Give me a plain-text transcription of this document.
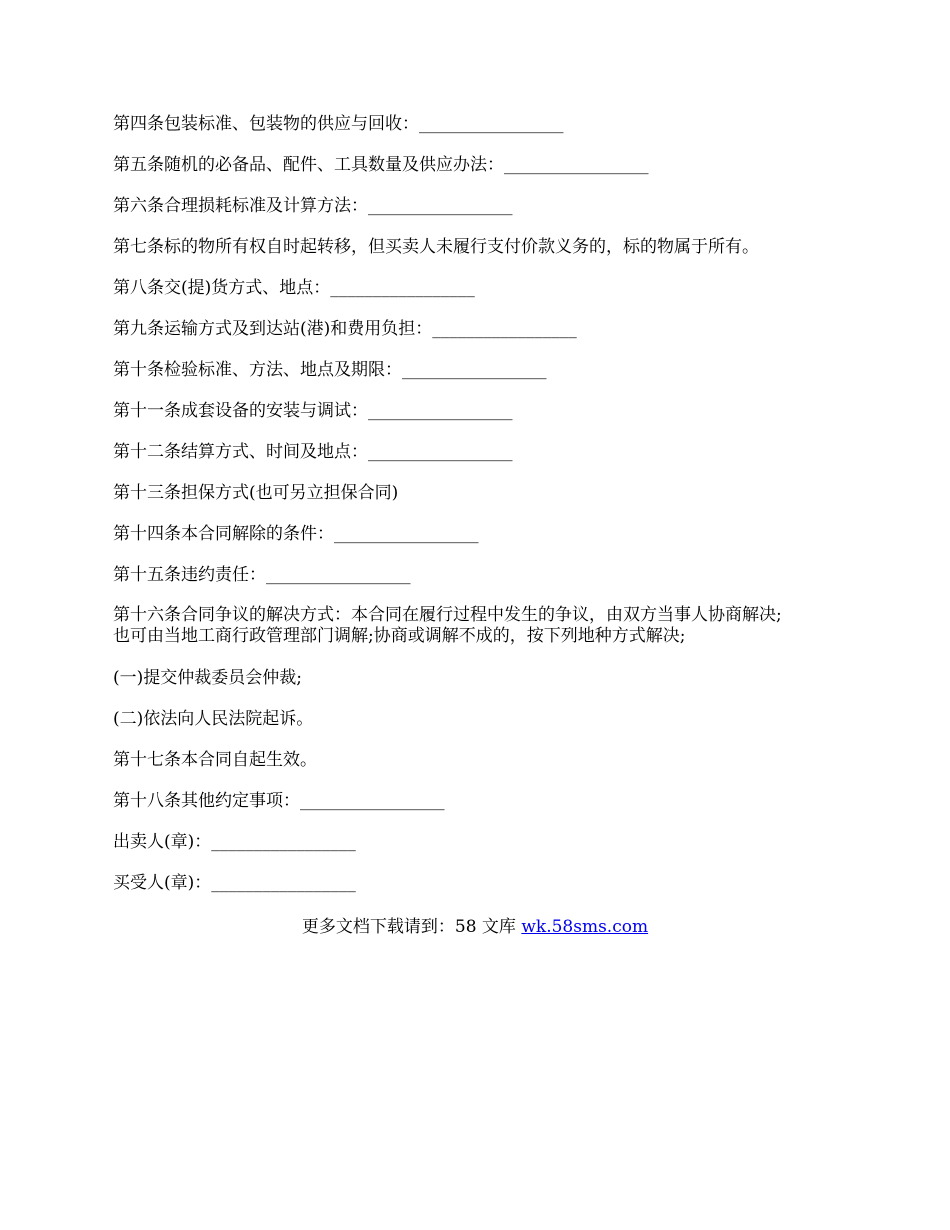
第四条包装标准、包装物的供应与回收：_________________
第五条随机的必备品、配件、工具数量及供应办法：_________________
第六条合理损耗标准及计算方法：_________________
第七条标的物所有权自时起转移，但买卖人未履行支付价款义务的，标的物属于所有。
第八条交(提)货方式、地点：_________________
第九条运输方式及到达站(港)和费用负担：_________________
第十条检验标准、方法、地点及期限：_________________
第十一条成套设备的安装与调试：_________________
第十二条结算方式、时间及地点：_________________
第十三条担保方式(也可另立担保合同)
第十四条本合同解除的条件：_________________
第十五条违约责任：_________________
第十六条合同争议的解决方式：本合同在履行过程中发生的争议，由双方当事人协商解决;
也可由当地工商行政管理部门调解;协商或调解不成的，按下列地种方式解决;
(一)提交仲裁委员会仲裁;
(二)依法向人民法院起诉。
第十七条本合同自起生效。
第十八条其他约定事项：_________________
出卖人(章)：_________________
买受人(章)：_________________
更多文档下载请到：58 文库 wk.58sms.com
